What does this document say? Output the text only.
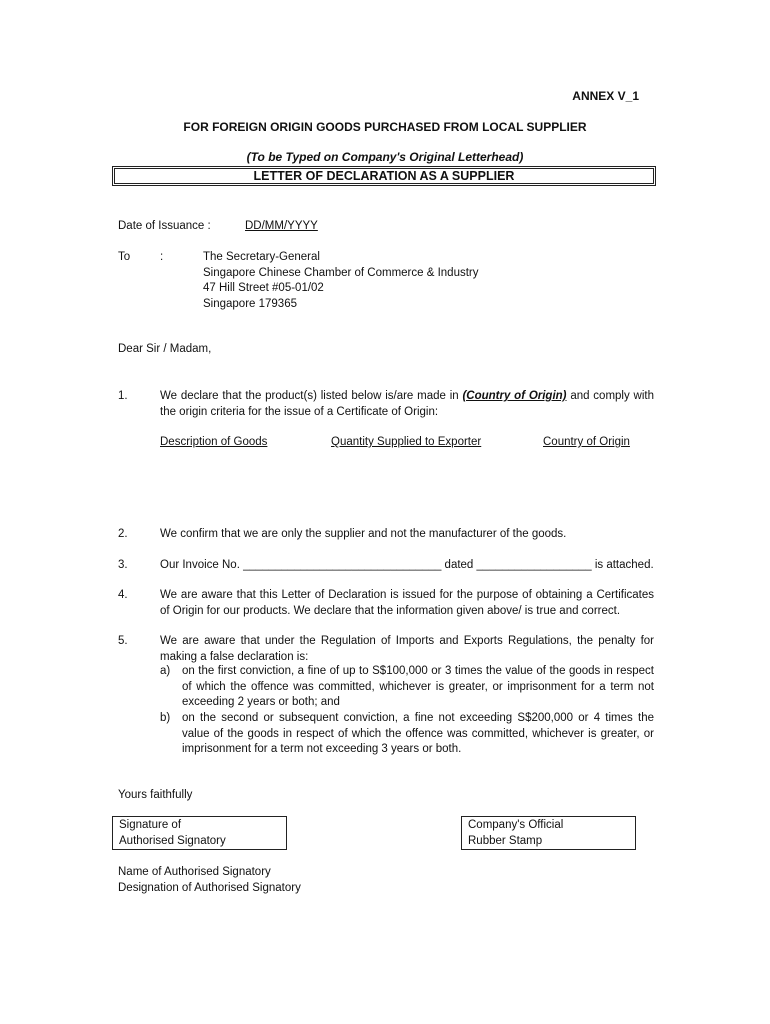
ANNEX V_1
FOR FOREIGN ORIGIN GOODS PURCHASED FROM LOCAL SUPPLIER
(To be Typed on Company's Original Letterhead)
LETTER OF DECLARATION AS A SUPPLIER
Date of Issuance :	DD/MM/YYYY
To	:	The Secretary-General
Singapore Chinese Chamber of Commerce & Industry
47 Hill Street #05-01/02
Singapore 179365
Dear Sir / Madam,
1.	We declare that the product(s) listed below is/are made in (Country of Origin) and comply with the origin criteria for the issue of a Certificate of Origin:
Description of Goods	Quantity Supplied to Exporter	Country of Origin
2.	We confirm that we are only the supplier and not the manufacturer of the goods.
3.	Our Invoice No. _______________________________ dated __________________ is attached.
4.	We are aware that this Letter of Declaration is issued for the purpose of obtaining a Certificates of Origin for our products. We declare that the information given above/ is true and correct.
5.	We are aware that under the Regulation of Imports and Exports Regulations, the penalty for making a false declaration is:
a) on the first conviction, a fine of up to S$100,000 or 3 times the value of the goods in respect of which the offence was committed, whichever is greater, or imprisonment for a term not exceeding 2 years or both; and
b) on the second or subsequent conviction, a fine not exceeding S$200,000 or 4 times the value of the goods in respect of which the offence was committed, whichever is greater, or imprisonment for a term not exceeding 3 years or both.
Yours faithfully
Signature of
Authorised Signatory
Company's Official
Rubber Stamp
Name of Authorised Signatory
Designation of Authorised Signatory
